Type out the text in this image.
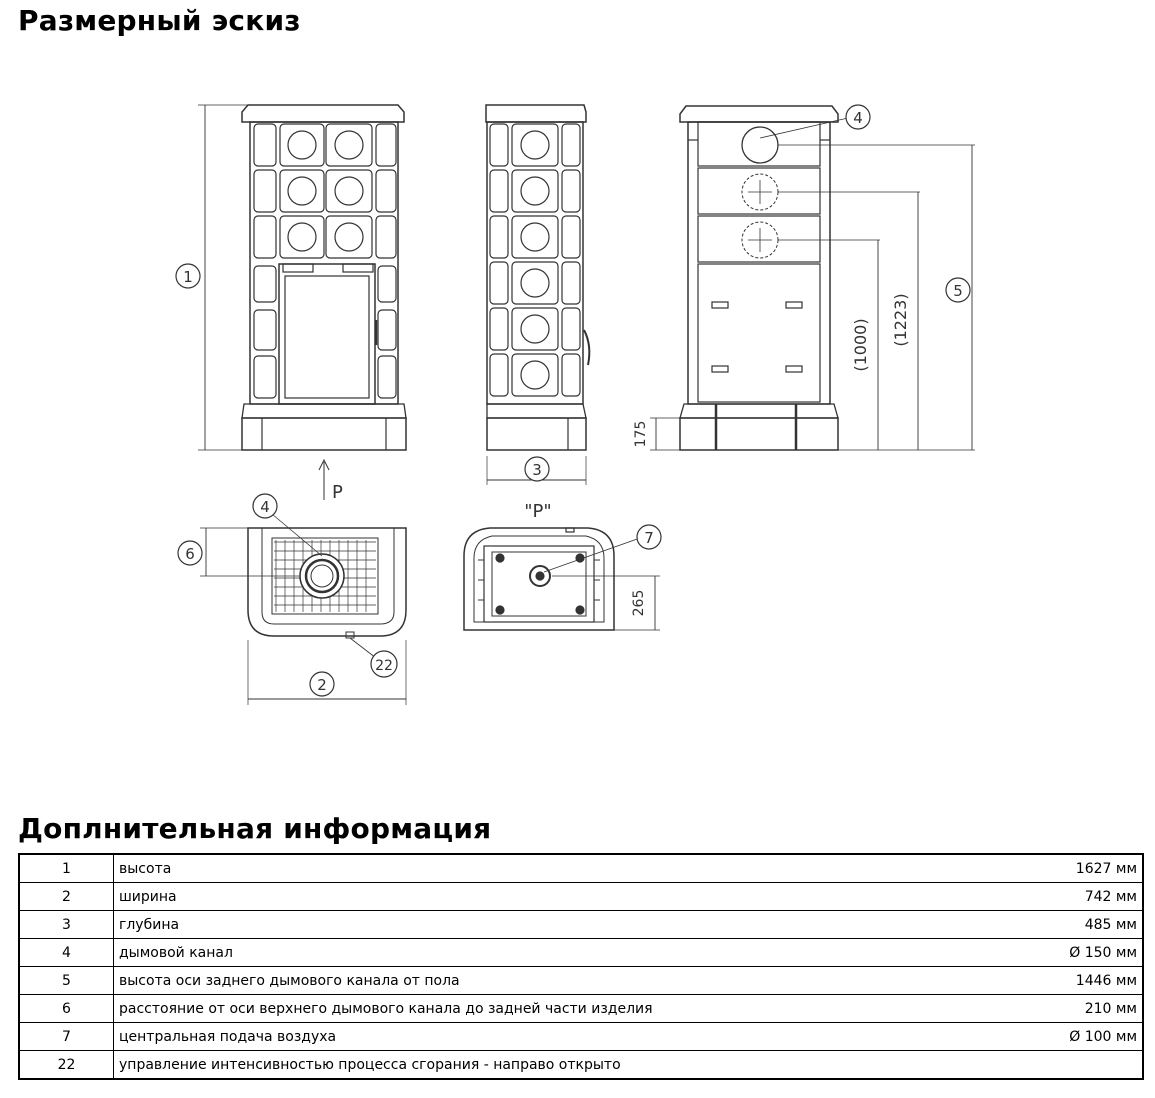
Размерный эскиз
1
P
3
4
(1000) (1223)
5
175
4
6
22
2
"P"
7
265
Доплнительная информация
1	высота	1627 мм
2	ширина	742 мм
3	глубина	485 мм
4	дымовой канал	Ø 150 мм
5	высота оси заднего дымового канала от пола	1446 мм
6	расстояние от оси верхнего дымового канала до задней части изделия	210 мм
7	центральная подача воздуха	Ø 100 мм
22	управление интенсивностью процесса сгорания - направо открыто	
